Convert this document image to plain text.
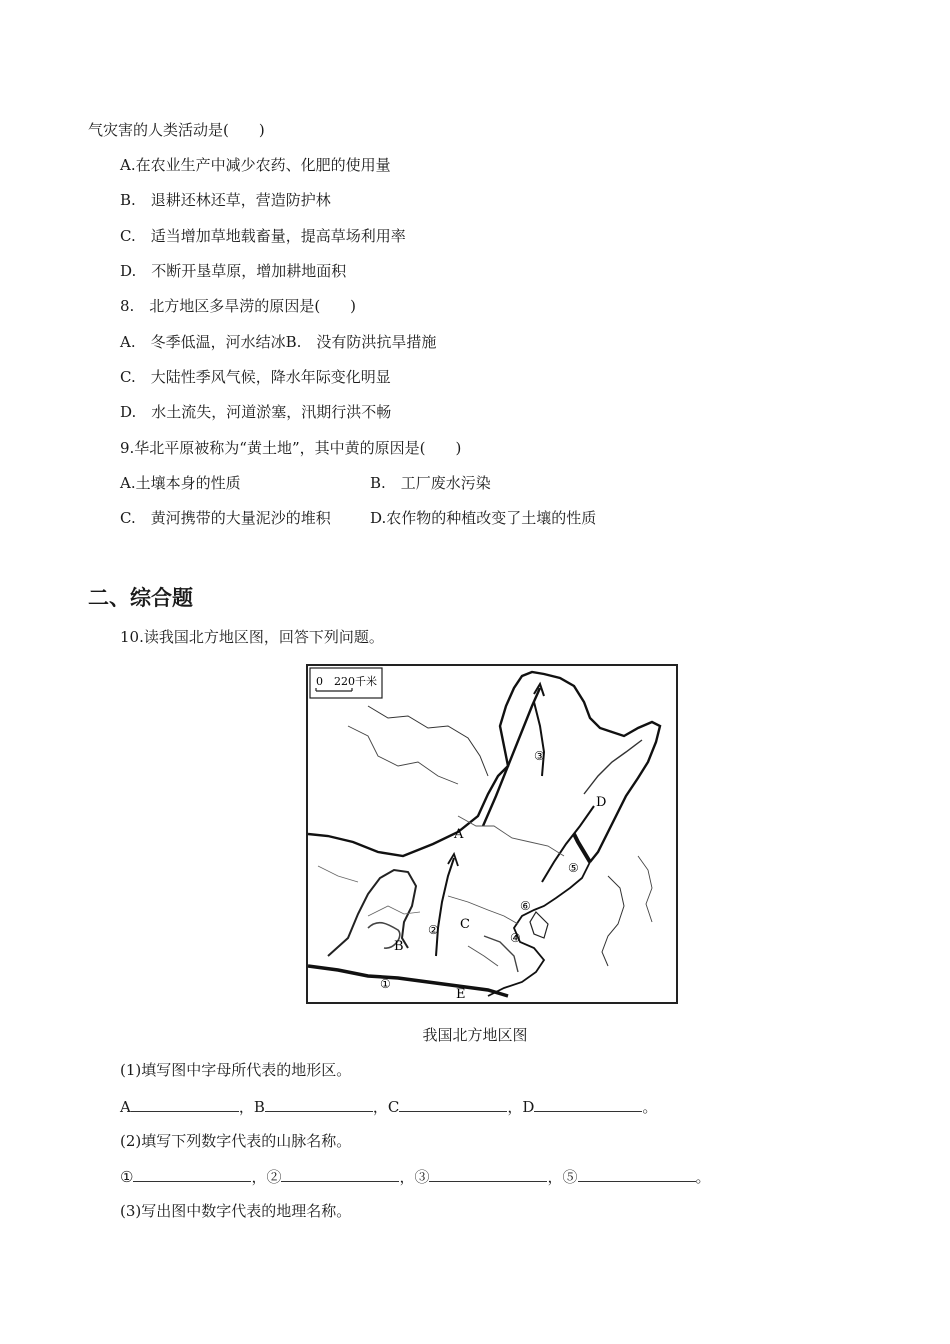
气灾害的人类活动是(　　)
A.在农业生产中减少农药、化肥的使用量
B.　退耕还林还草，营造防护林
C.　适当增加草地载畜量，提高草场利用率
D.　不断开垦草原，增加耕地面积
8.　北方地区多旱涝的原因是(　　)
A.　冬季低温，河水结冰B.　没有防洪抗旱措施
C.　大陆性季风气候，降水年际变化明显
D.　水土流失，河道淤塞，汛期行洪不畅
9.华北平原被称为“黄土地”，其中黄的原因是(　　)
A.土壤本身的性质	B.　工厂废水污染
C.　黄河携带的大量泥沙的堆积	D.农作物的种植改变了土壤的性质
二、综合题
10.读我国北方地区图，回答下列问题。
0　220千米
A
B
C
D
E
①
②
③
④
⑤
⑥
我国北方地区图
(1)填写图中字母所代表的地形区。
A	，B	，C	，D	。
(2)填写下列数字代表的山脉名称。
①	，②	，③	，⑤	。
(3)写出图中数字代表的地理名称。
